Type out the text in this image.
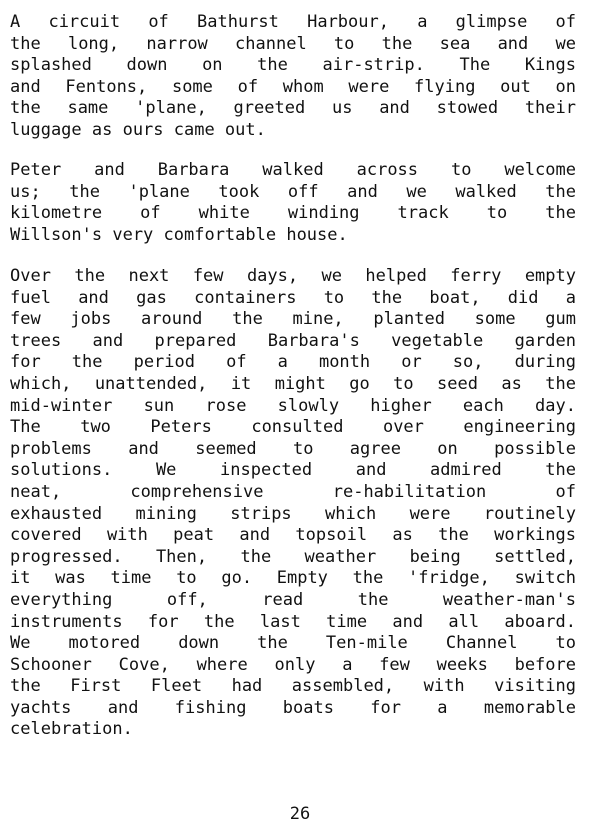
A circuit of Bathurst Harbour, a glimpse of
the long, narrow channel to the sea and we
splashed down on the air-strip. The Kings
and Fentons, some of whom were flying out on
the same 'plane, greeted us and stowed their
luggage as ours came out.
Peter and Barbara walked across to welcome
us; the 'plane took off and we walked the
kilometre of white winding track to the
Willson's very comfortable house.
Over the next few days, we helped ferry empty
fuel and gas containers to the boat, did a
few jobs around the mine, planted some gum
trees and prepared Barbara's vegetable garden
for the period of a month or so, during
which, unattended, it might go to seed as the
mid-winter sun rose slowly higher each day.
The two Peters consulted over engineering
problems and seemed to agree on possible
solutions. We inspected and admired the
neat, comprehensive re-habilitation of
exhausted mining strips which were routinely
covered with peat and topsoil as the workings
progressed. Then, the weather being settled,
it was time to go. Empty the 'fridge, switch
everything off, read the weather-man's
instruments for the last time and all aboard.
We motored down the Ten-mile Channel to
Schooner Cove, where only a few weeks before
the First Fleet had assembled, with visiting
yachts and fishing boats for a memorable
celebration.
26
